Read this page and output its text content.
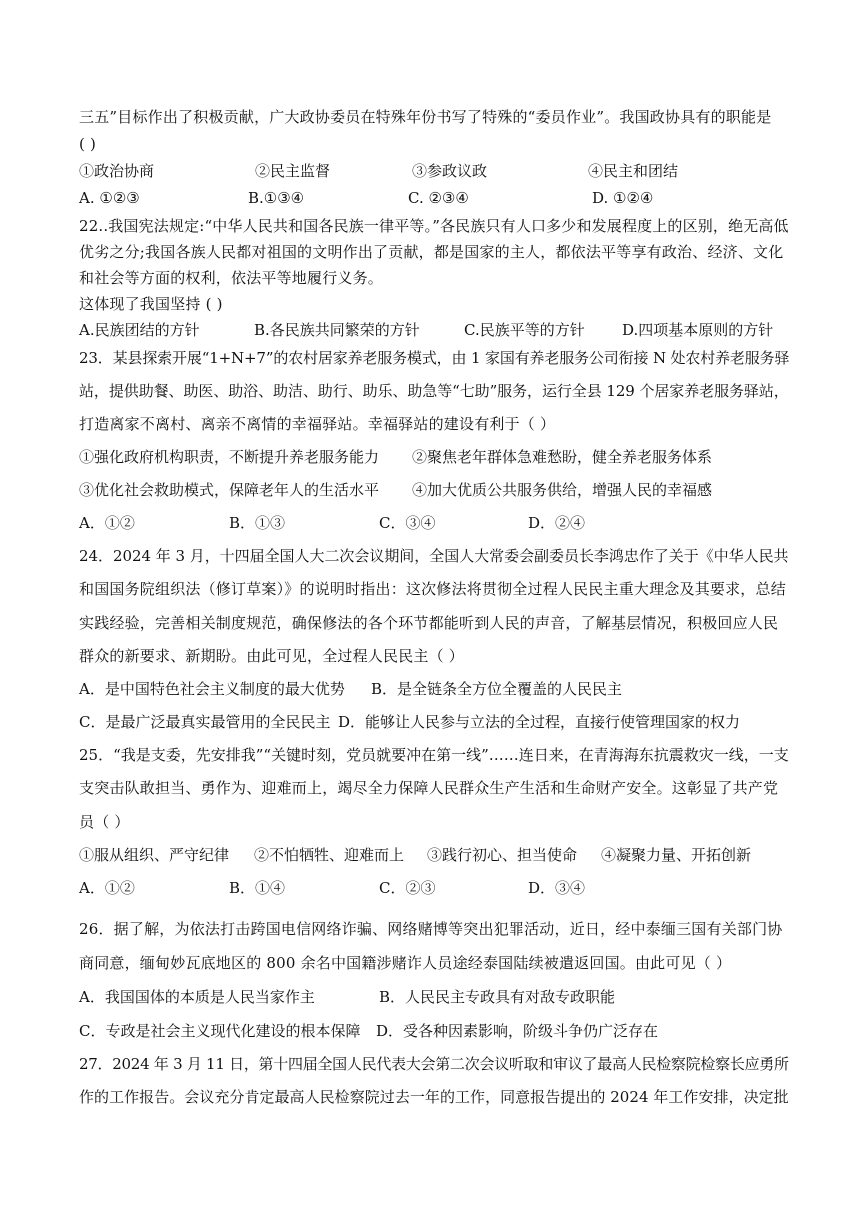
三五”目标作出了积极贡献，广大政协委员在特殊年份书写了特殊的“委员作业”。我国政协具有的职能是
( )
①政治协商	②民主监督	③参政议政	④民主和团结
A. ①②③	B.①③④	C. ②③④	D. ①②④
22..我国宪法规定:“中华人民共和国各民族一律平等。”各民族只有人口多少和发展程度上的区别，绝无高低
优劣之分;我国各族人民都对祖国的文明作出了贡献，都是国家的主人，都依法平等享有政治、经济、文化
和社会等方面的权利，依法平等地履行义务。
这体现了我国坚持 ( )
A.民族团结的方针	B.各民族共同繁荣的方针	C.民族平等的方针 D.四项基本原则的方针
23．某县探索开展“1+N+7”的农村居家养老服务模式，由 1 家国有养老服务公司衔接 N 处农村养老服务驿
站，提供助餐、助医、助浴、助洁、助行、助乐、助急等“七助”服务，运行全县 129 个居家养老服务驿站，
打造离家不离村、离亲不离情的幸福驿站。幸福驿站的建设有利于（ ）
①强化政府机构职责，不断提升养老服务能力 ②聚焦老年群体急难愁盼，健全养老服务体系
③优化社会救助模式，保障老年人的生活水平 ④加大优质公共服务供给，增强人民的幸福感
A．①②	B．①③	C．③④	D．②④
24．2024 年 3 月，十四届全国人大二次会议期间，全国人大常委会副委员长李鸿忠作了关于《中华人民共
和国国务院组织法（修订草案）》的说明时指出：这次修法将贯彻全过程人民民主重大理念及其要求，总结
实践经验，完善相关制度规范，确保修法的各个环节都能听到人民的声音，了解基层情况，积极回应人民
群众的新要求、新期盼。由此可见，全过程人民民主（ ）
A．是中国特色社会主义制度的最大优势 B．是全链条全方位全覆盖的人民民主
C．是最广泛最真实最管用的全民民主 D．能够让人民参与立法的全过程，直接行使管理国家的权力
25．“我是支委，先安排我”“关键时刻，党员就要冲在第一线”……连日来，在青海海东抗震救灾一线，一支
支突击队敢担当、勇作为、迎难而上，竭尽全力保障人民群众生产生活和生命财产安全。这彰显了共产党
员（ ）
①服从组织、严守纪律 ②不怕牺牲、迎难而上 ③践行初心、担当使命 ④凝聚力量、开拓创新
A．①②	B．①④	C．②③	D．③④
26．据了解，为依法打击跨国电信网络诈骗、网络赌博等突出犯罪活动，近日，经中泰缅三国有关部门协
商同意，缅甸妙瓦底地区的 800 余名中国籍涉赌诈人员途经泰国陆续被遣返回国。由此可见（ ）
A．我国国体的本质是人民当家作主	B．人民民主专政具有对敌专政职能
C．专政是社会主义现代化建设的根本保障 D．受各种因素影响，阶级斗争仍广泛存在
27．2024 年 3 月 11 日，第十四届全国人民代表大会第二次会议听取和审议了最高人民检察院检察长应勇所
作的工作报告。会议充分肯定最高人民检察院过去一年的工作，同意报告提出的 2024 年工作安排，决定批
